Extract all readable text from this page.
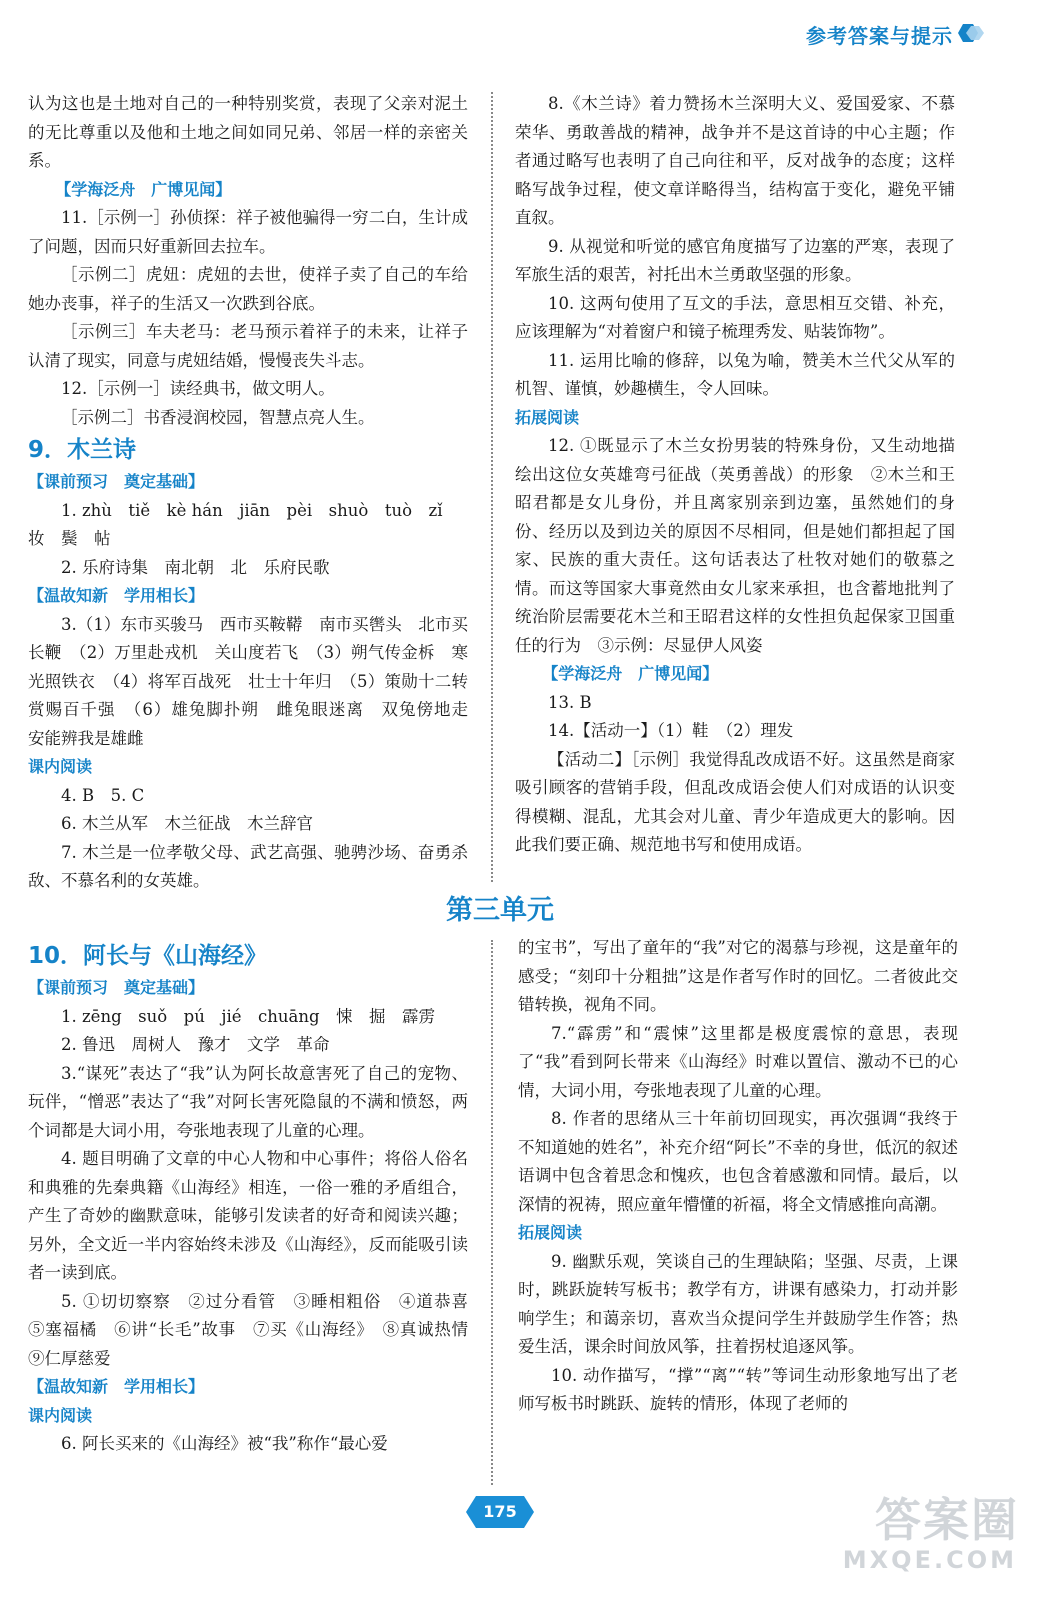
参考答案与提示

认为这也是土地对自己的一种特别奖赏，表现了父亲对泥土的无比尊重以及他和土地之间如同兄弟、邻居一样的亲密关系。

【学海泛舟　广博见闻】

11.［示例一］孙侦探：祥子被他骗得一穷二白，生计成了问题，因而只好重新回去拉车。

［示例二］虎妞：虎妞的去世，使祥子卖了自己的车给她办丧事，祥子的生活又一次跌到谷底。

［示例三］车夫老马：老马预示着祥子的未来，让祥子认清了现实，同意与虎妞结婚，慢慢丧失斗志。

12.［示例一］读经典书，做文明人。

［示例二］书香浸润校园，智慧点亮人生。

9．木兰诗

【课前预习　奠定基础】

1. zhù　tiě　kè hán　jiān　pèi　shuò　tuò　zǐ

妆　鬓　帖

2. 乐府诗集　南北朝　北　乐府民歌

【温故知新　学用相长】

3.（1）东市买骏马　西市买鞍鞯　南市买辔头　北市买长鞭　（2）万里赴戎机　关山度若飞　（3）朔气传金柝　寒光照铁衣　（4）将军百战死　壮士十年归　（5）策勋十二转　赏赐百千强　（6）雄兔脚扑朔　雌兔眼迷离　双兔傍地走　安能辨我是雄雌

课内阅读

4. B　5. C

6. 木兰从军　木兰征战　木兰辞官

7. 木兰是一位孝敬父母、武艺高强、驰骋沙场、奋勇杀敌、不慕名利的女英雄。

8.《木兰诗》着力赞扬木兰深明大义、爱国爱家、不慕荣华、勇敢善战的精神，战争并不是这首诗的中心主题；作者通过略写也表明了自己向往和平，反对战争的态度；这样略写战争过程，使文章详略得当，结构富于变化，避免平铺直叙。

9. 从视觉和听觉的感官角度描写了边塞的严寒，表现了军旅生活的艰苦，衬托出木兰勇敢坚强的形象。

10. 这两句使用了互文的手法，意思相互交错、补充，应该理解为“对着窗户和镜子梳理秀发、贴装饰物”。

11. 运用比喻的修辞，以兔为喻，赞美木兰代父从军的机智、谨慎，妙趣横生，令人回味。

拓展阅读

12. ①既显示了木兰女扮男装的特殊身份，又生动地描绘出这位女英雄弯弓征战（英勇善战）的形象　②木兰和王昭君都是女儿身份，并且离家别亲到边塞，虽然她们的身份、经历以及到边关的原因不尽相同，但是她们都担起了国家、民族的重大责任。这句话表达了杜牧对她们的敬慕之情。而这等国家大事竟然由女儿家来承担，也含蓄地批判了统治阶层需要花木兰和王昭君这样的女性担负起保家卫国重任的行为　③示例：尽显伊人风姿

【学海泛舟　广博见闻】

13. B

14.【活动一】（1）鞋　（2）理发

【活动二】［示例］我觉得乱改成语不好。这虽然是商家吸引顾客的营销手段，但乱改成语会使人们对成语的认识变得模糊、混乱，尤其会对儿童、青少年造成更大的影响。因此我们要正确、规范地书写和使用成语。

第三单元

10．阿长与《山海经》

【课前预习　奠定基础】

1. zēng　suǒ　pú　jié　chuāng　悚　掘　霹雳

2. 鲁迅　周树人　豫才　文学　革命

3.“谋死”表达了“我”认为阿长故意害死了自己的宠物、玩伴，“憎恶”表达了“我”对阿长害死隐鼠的不满和愤怒，两个词都是大词小用，夸张地表现了儿童的心理。

4. 题目明确了文章的中心人物和中心事件；将俗人俗名和典雅的先秦典籍《山海经》相连，一俗一雅的矛盾组合，产生了奇妙的幽默意味，能够引发读者的好奇和阅读兴趣；另外，全文近一半内容始终未涉及《山海经》，反而能吸引读者一读到底。

5. ①切切察察　②过分看管　③睡相粗俗　④道恭喜　⑤塞福橘　⑥讲“长毛”故事　⑦买《山海经》　⑧真诚热情　⑨仁厚慈爱

【温故知新　学用相长】

课内阅读

6. 阿长买来的《山海经》被“我”称作“最心爱

的宝书”，写出了童年的“我”对它的渴慕与珍视，这是童年的感受；“刻印十分粗拙”这是作者写作时的回忆。二者彼此交错转换，视角不同。

7.“霹雳”和“震悚”这里都是极度震惊的意思，表现了“我”看到阿长带来《山海经》时难以置信、激动不已的心情，大词小用，夸张地表现了儿童的心理。

8. 作者的思绪从三十年前切回现实，再次强调“我终于不知道她的姓名”，补充介绍“阿长”不幸的身世，低沉的叙述语调中包含着思念和愧疚，也包含着感激和同情。最后，以深情的祝祷，照应童年懵懂的祈福，将全文情感推向高潮。

拓展阅读

9. 幽默乐观，笑谈自己的生理缺陷；坚强、尽责，上课时，跳跃旋转写板书；教学有方，讲课有感染力，打动并影响学生；和蔼亲切，喜欢当众提问学生并鼓励学生作答；热爱生活，课余时间放风筝，拄着拐杖追逐风筝。

10. 动作描写，“撑”“离”“转”等词生动形象地写出了老师写板书时跳跃、旋转的情形，体现了老师的

175	答案圈
MXQE.COM
